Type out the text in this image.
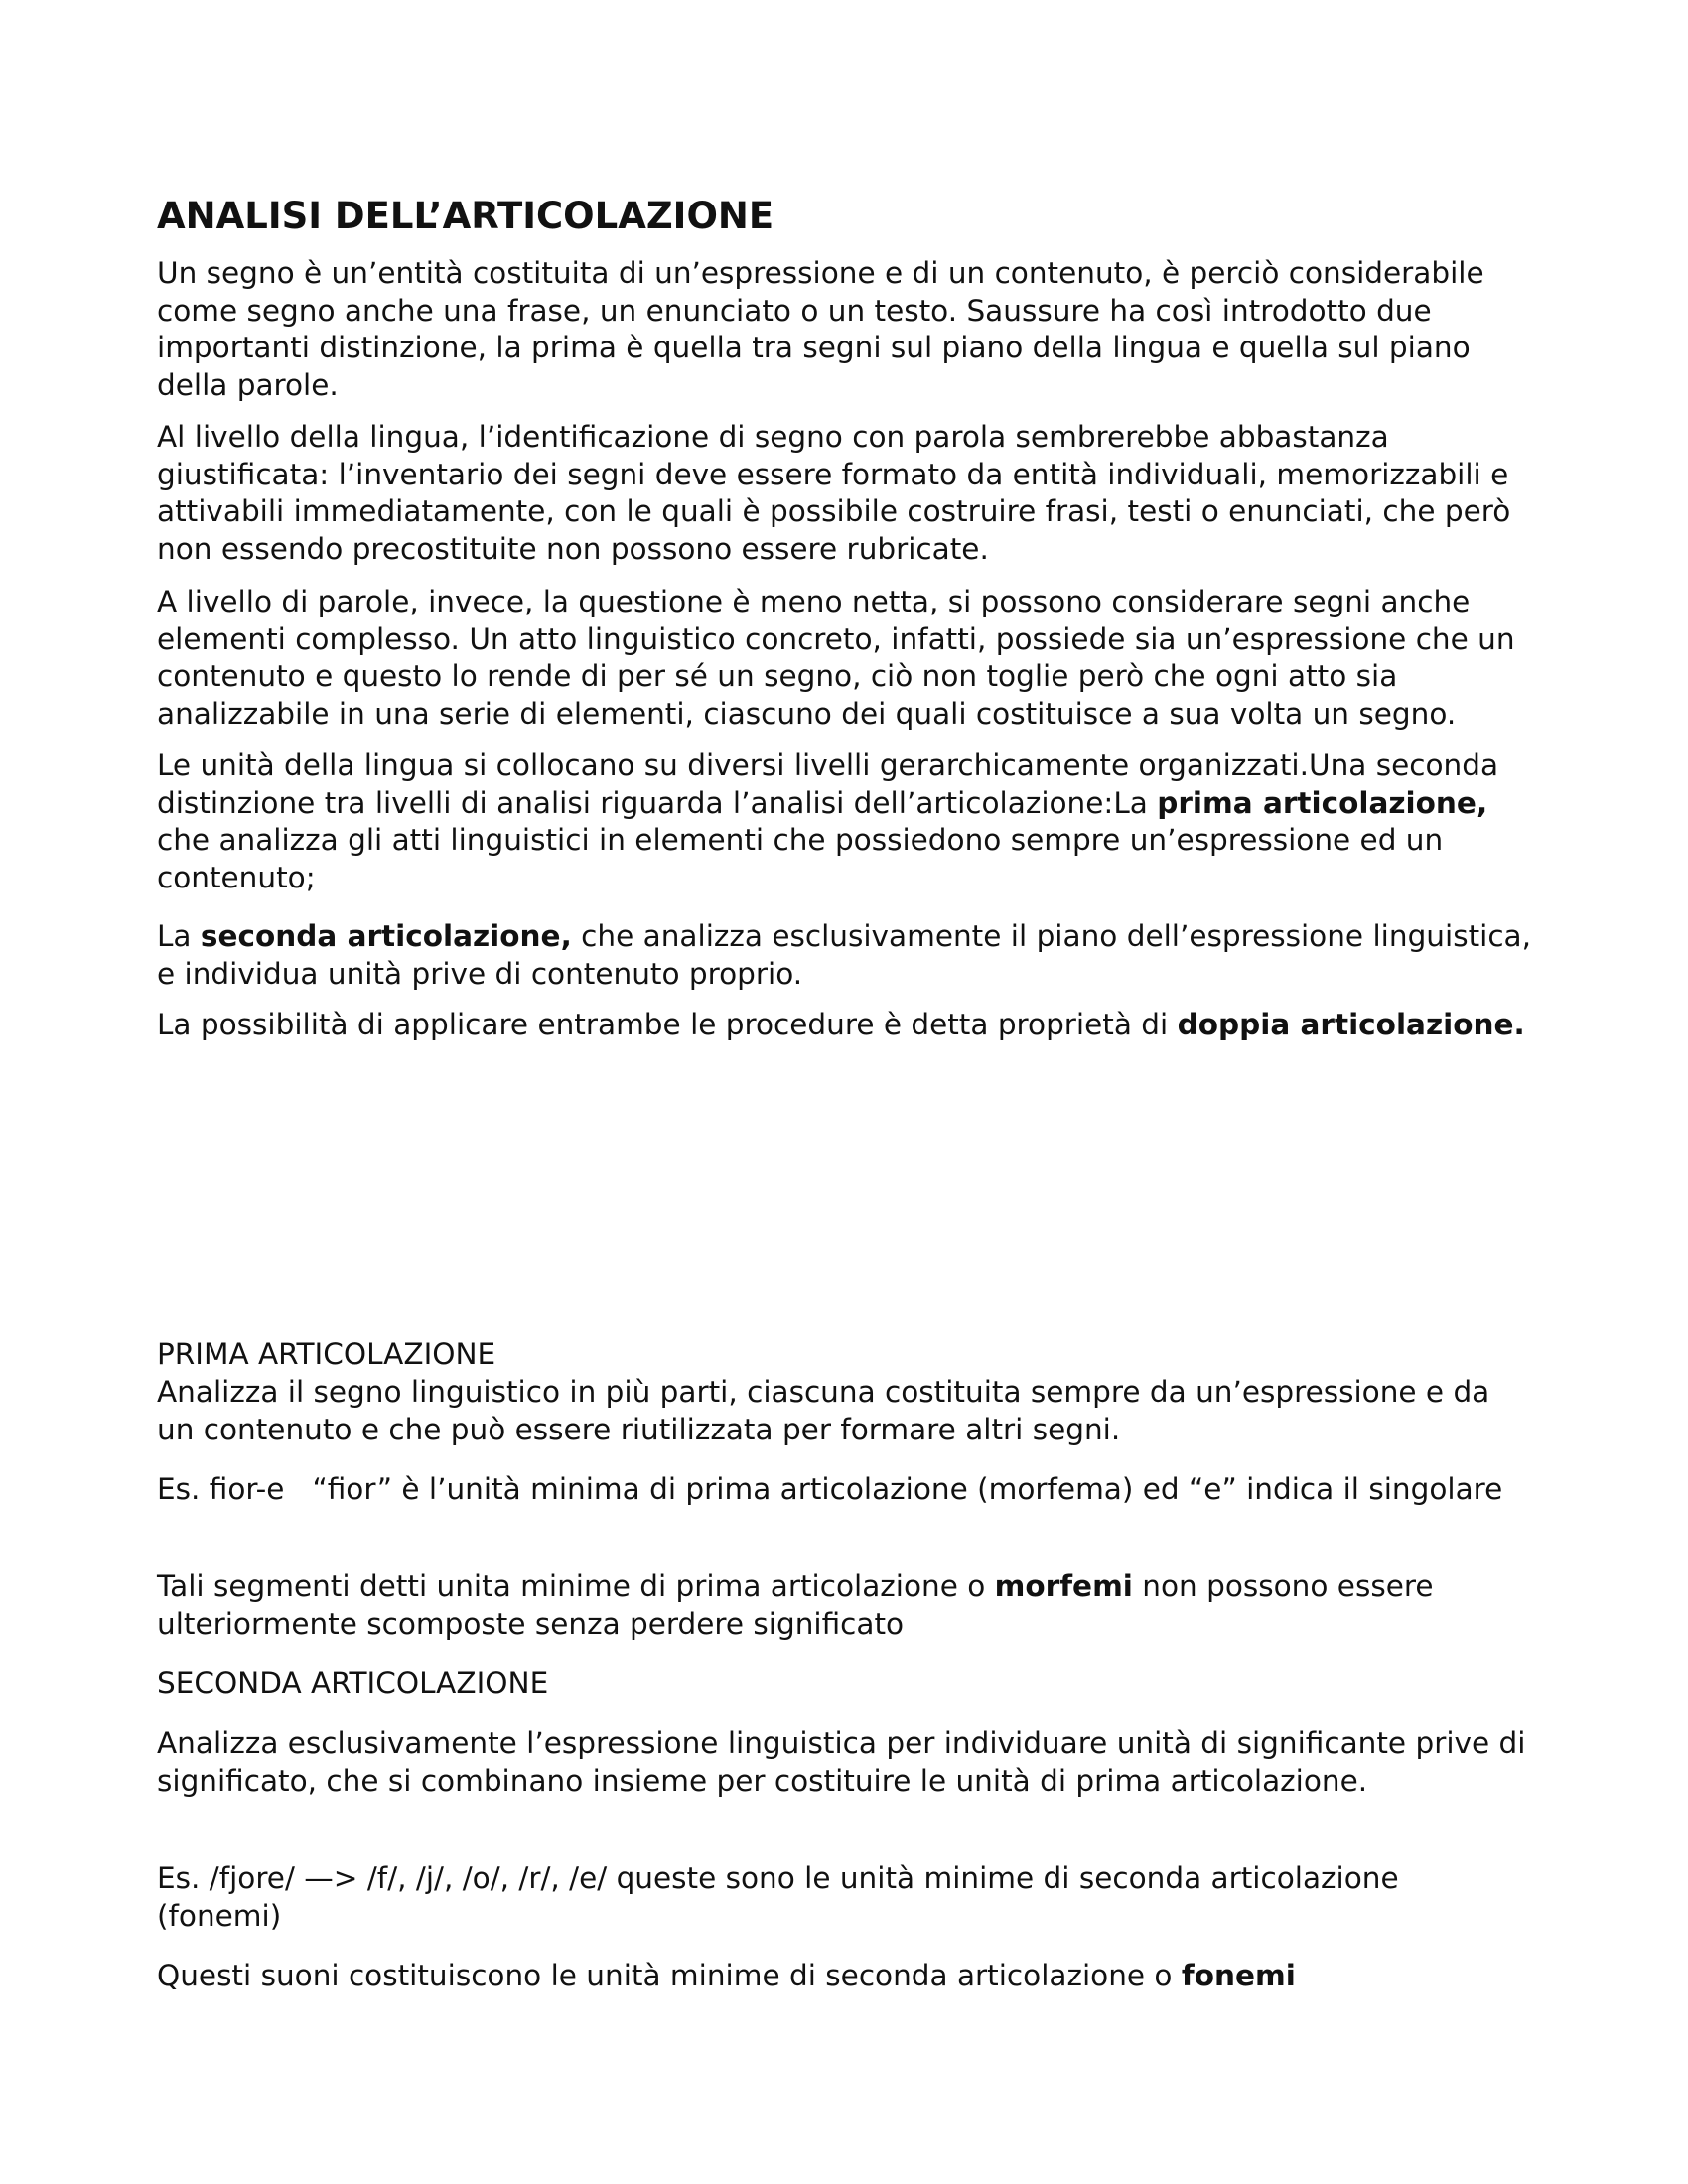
ANALISI DELL’ARTICOLAZIONE

Un segno è un’entità costituita di un’espressione e di un contenuto, è perciò considerabile come segno anche una frase, un enunciato o un testo. Saussure ha così introdotto due importanti distinzione, la prima è quella tra segni sul piano della lingua e quella sul piano della parole.

Al livello della lingua, l’identificazione di segno con parola sembrerebbe abbastanza giustificata: l’inventario dei segni deve essere formato da entità individuali, memorizzabili e attivabili immediatamente, con le quali è possibile costruire frasi, testi o enunciati, che però non essendo precostituite non possono essere rubricate.

A livello di parole, invece, la questione è meno netta, si possono considerare segni anche elementi complesso. Un atto linguistico concreto, infatti, possiede sia un’espressione che un contenuto e questo lo rende di per sé un segno, ciò non toglie però che ogni atto sia analizzabile in una serie di elementi, ciascuno dei quali costituisce a sua volta un segno.

Le unità della lingua si collocano su diversi livelli gerarchicamente organizzati.Una seconda distinzione tra livelli di analisi riguarda l’analisi dell’articolazione:La prima articolazione, che analizza gli atti linguistici in elementi che possiedono sempre un’espressione ed un contenuto;

La seconda articolazione, che analizza esclusivamente il piano dell’espressione linguistica, e individua unità prive di contenuto proprio.

La possibilità di applicare entrambe le procedure è detta proprietà di doppia articolazione.

PRIMA ARTICOLAZIONE

Analizza il segno linguistico in più parti, ciascuna costituita sempre da un’espressione e da un contenuto e che può essere riutilizzata per formare altri segni.

Es. fior-e “fior” è l’unità minima di prima articolazione (morfema) ed “e” indica il singolare

Tali segmenti detti unita minime di prima articolazione o morfemi non possono essere ulteriormente scomposte senza perdere significato

SECONDA ARTICOLAZIONE

Analizza esclusivamente l’espressione linguistica per individuare unità di significante prive di significato, che si combinano insieme per costituire le unità di prima articolazione.

Es. /fjore/ —> /f/, /j/, /o/, /r/, /e/ queste sono le unità minime di seconda articolazione (fonemi)

Questi suoni costituiscono le unità minime di seconda articolazione o fonemi
